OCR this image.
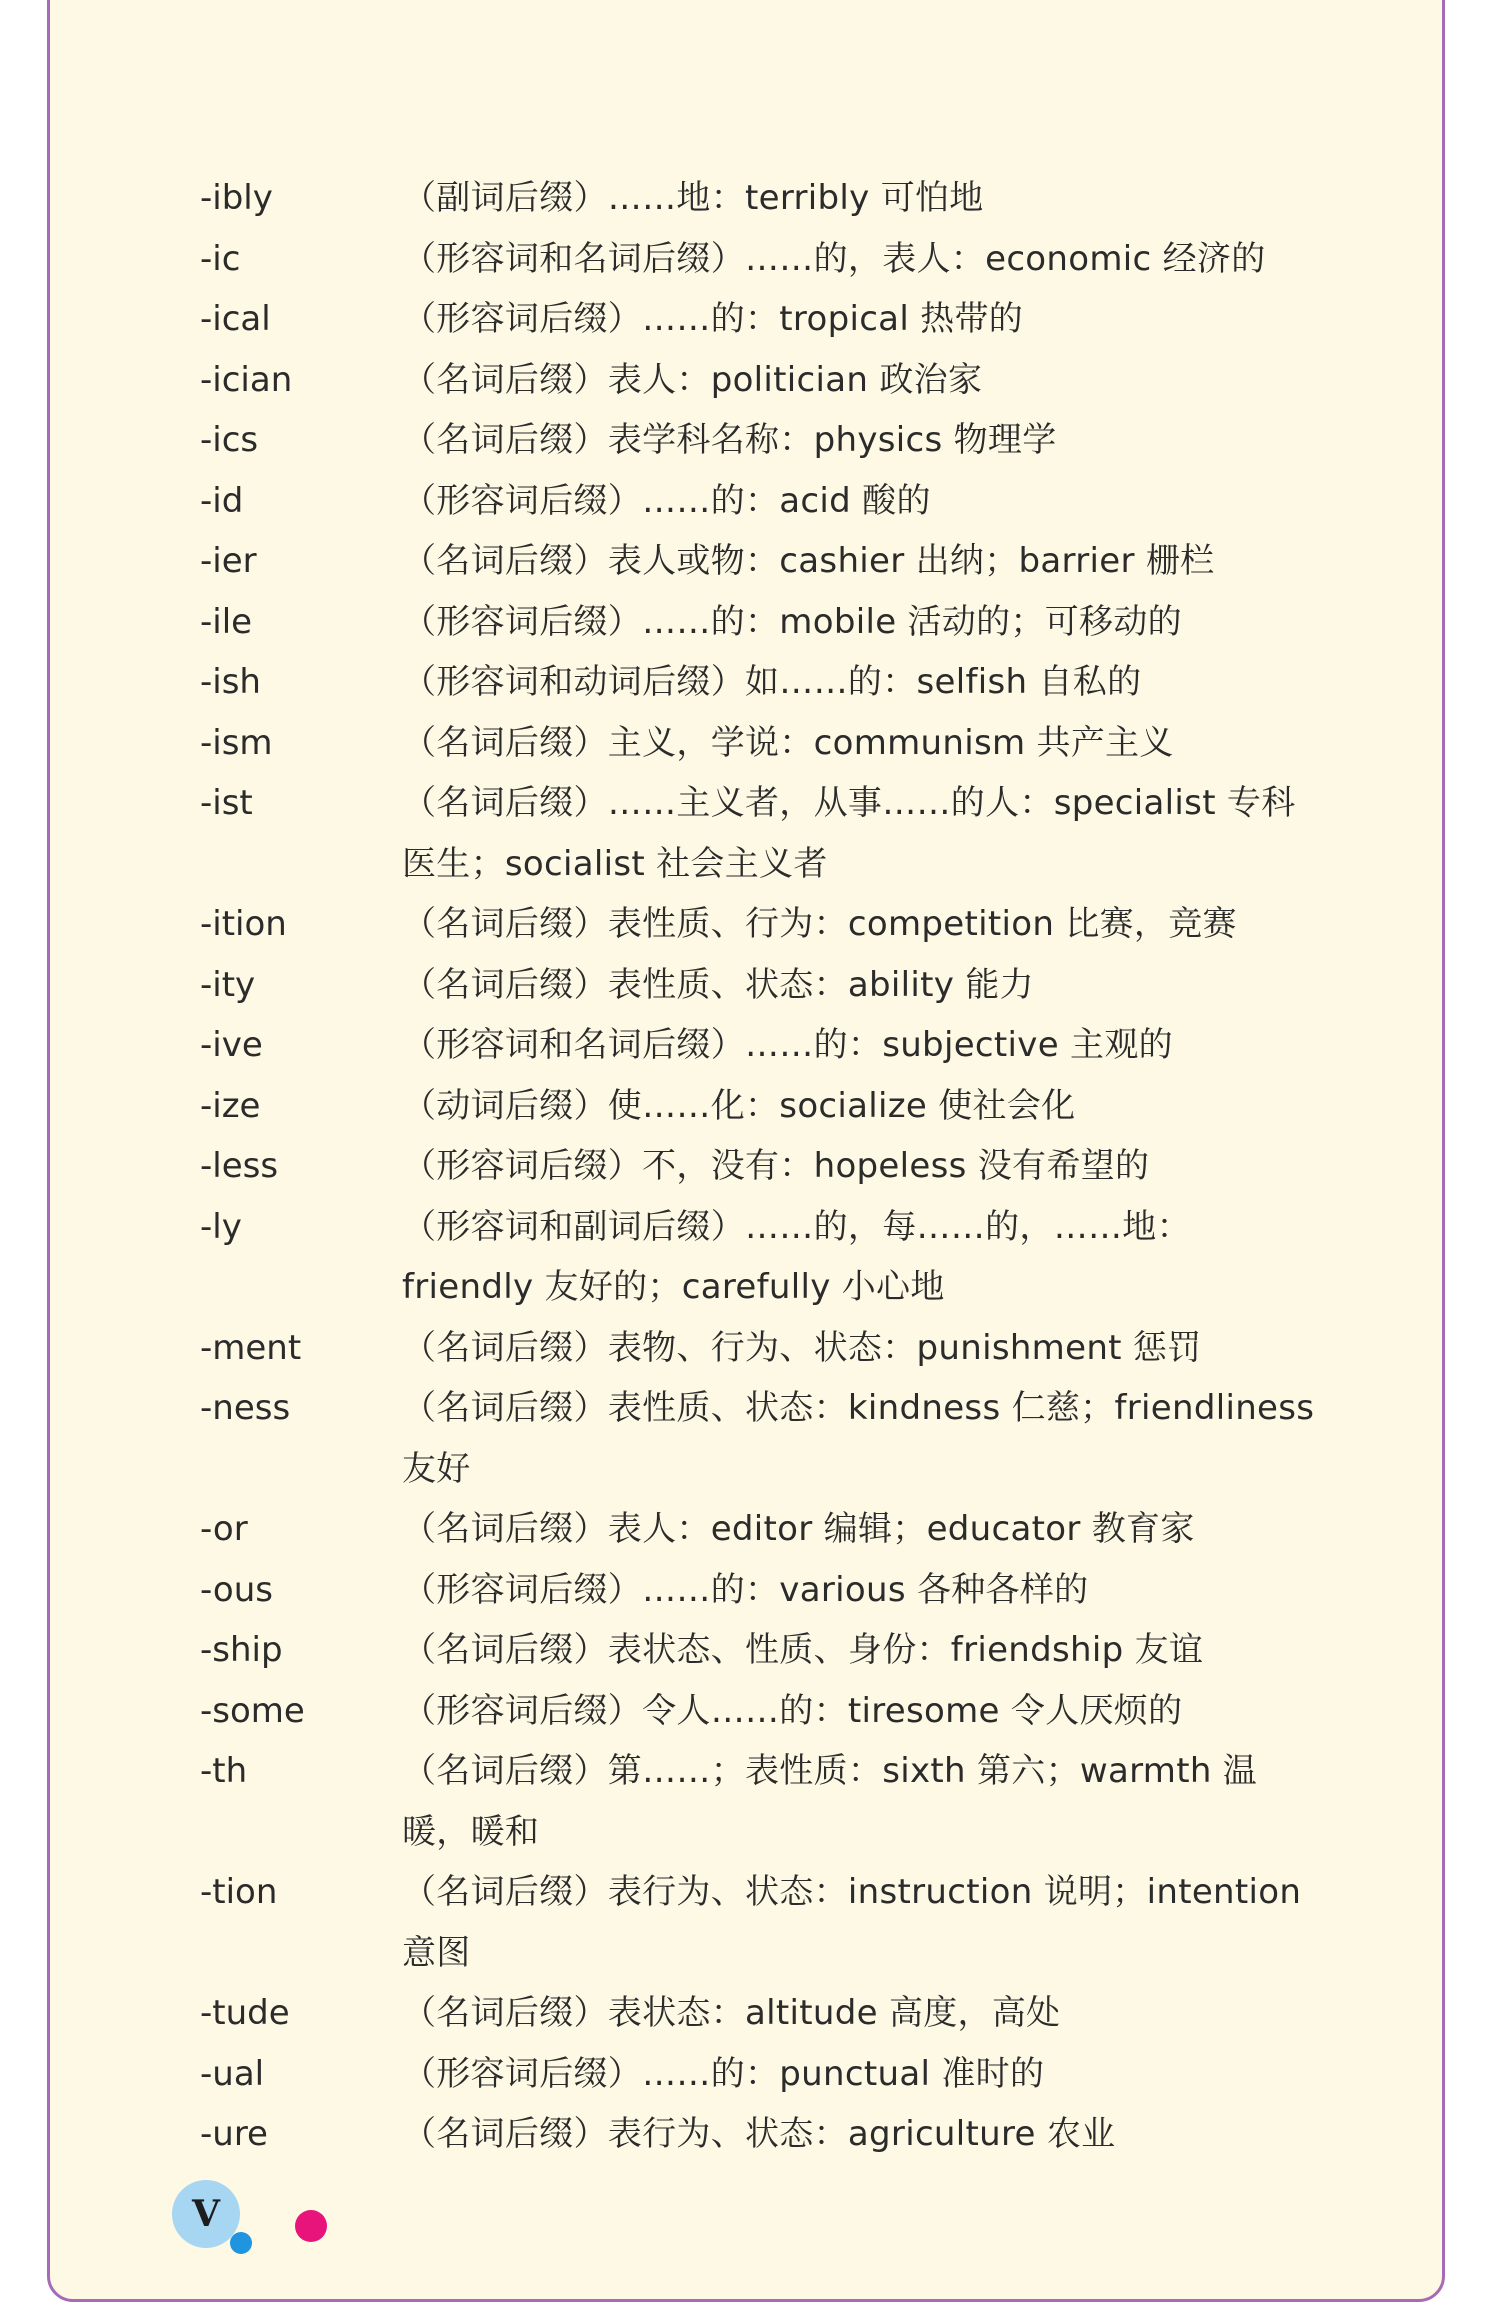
-ibly	（副词后缀）……地：terribly 可怕地
-ic	（形容词和名词后缀）……的，表人：economic 经济的
-ical	（形容词后缀）……的：tropical 热带的
-ician	（名词后缀）表人：politician 政治家
-ics	（名词后缀）表学科名称：physics 物理学
-id	（形容词后缀）……的：acid 酸的
-ier	（名词后缀）表人或物：cashier 出纳；barrier 栅栏
-ile	（形容词后缀）……的：mobile 活动的；可移动的
-ish	（形容词和动词后缀）如……的：selfish 自私的
-ism	（名词后缀）主义，学说：communism 共产主义
-ist	（名词后缀）……主义者，从事……的人：specialist 专科医生；socialist 社会主义者
-ition	（名词后缀）表性质、行为：competition 比赛，竞赛
-ity	（名词后缀）表性质、状态：ability 能力
-ive	（形容词和名词后缀）……的：subjective 主观的
-ize	（动词后缀）使……化：socialize 使社会化
-less	（形容词后缀）不，没有：hopeless 没有希望的
-ly	（形容词和副词后缀）……的，每……的，……地：friendly 友好的；carefully 小心地
-ment	（名词后缀）表物、行为、状态：punishment 惩罚
-ness	（名词后缀）表性质、状态：kindness 仁慈；friendliness 友好
-or	（名词后缀）表人：editor 编辑；educator 教育家
-ous	（形容词后缀）……的：various 各种各样的
-ship	（名词后缀）表状态、性质、身份：friendship 友谊
-some	（形容词后缀）令人……的：tiresome 令人厌烦的
-th	（名词后缀）第……；表性质：sixth 第六；warmth 温暖，暖和
-tion	（名词后缀）表行为、状态：instruction 说明；intention 意图
-tude	（名词后缀）表状态：altitude 高度，高处
-ual	（形容词后缀）……的：punctual 准时的
-ure	（名词后缀）表行为、状态：agriculture 农业
V
